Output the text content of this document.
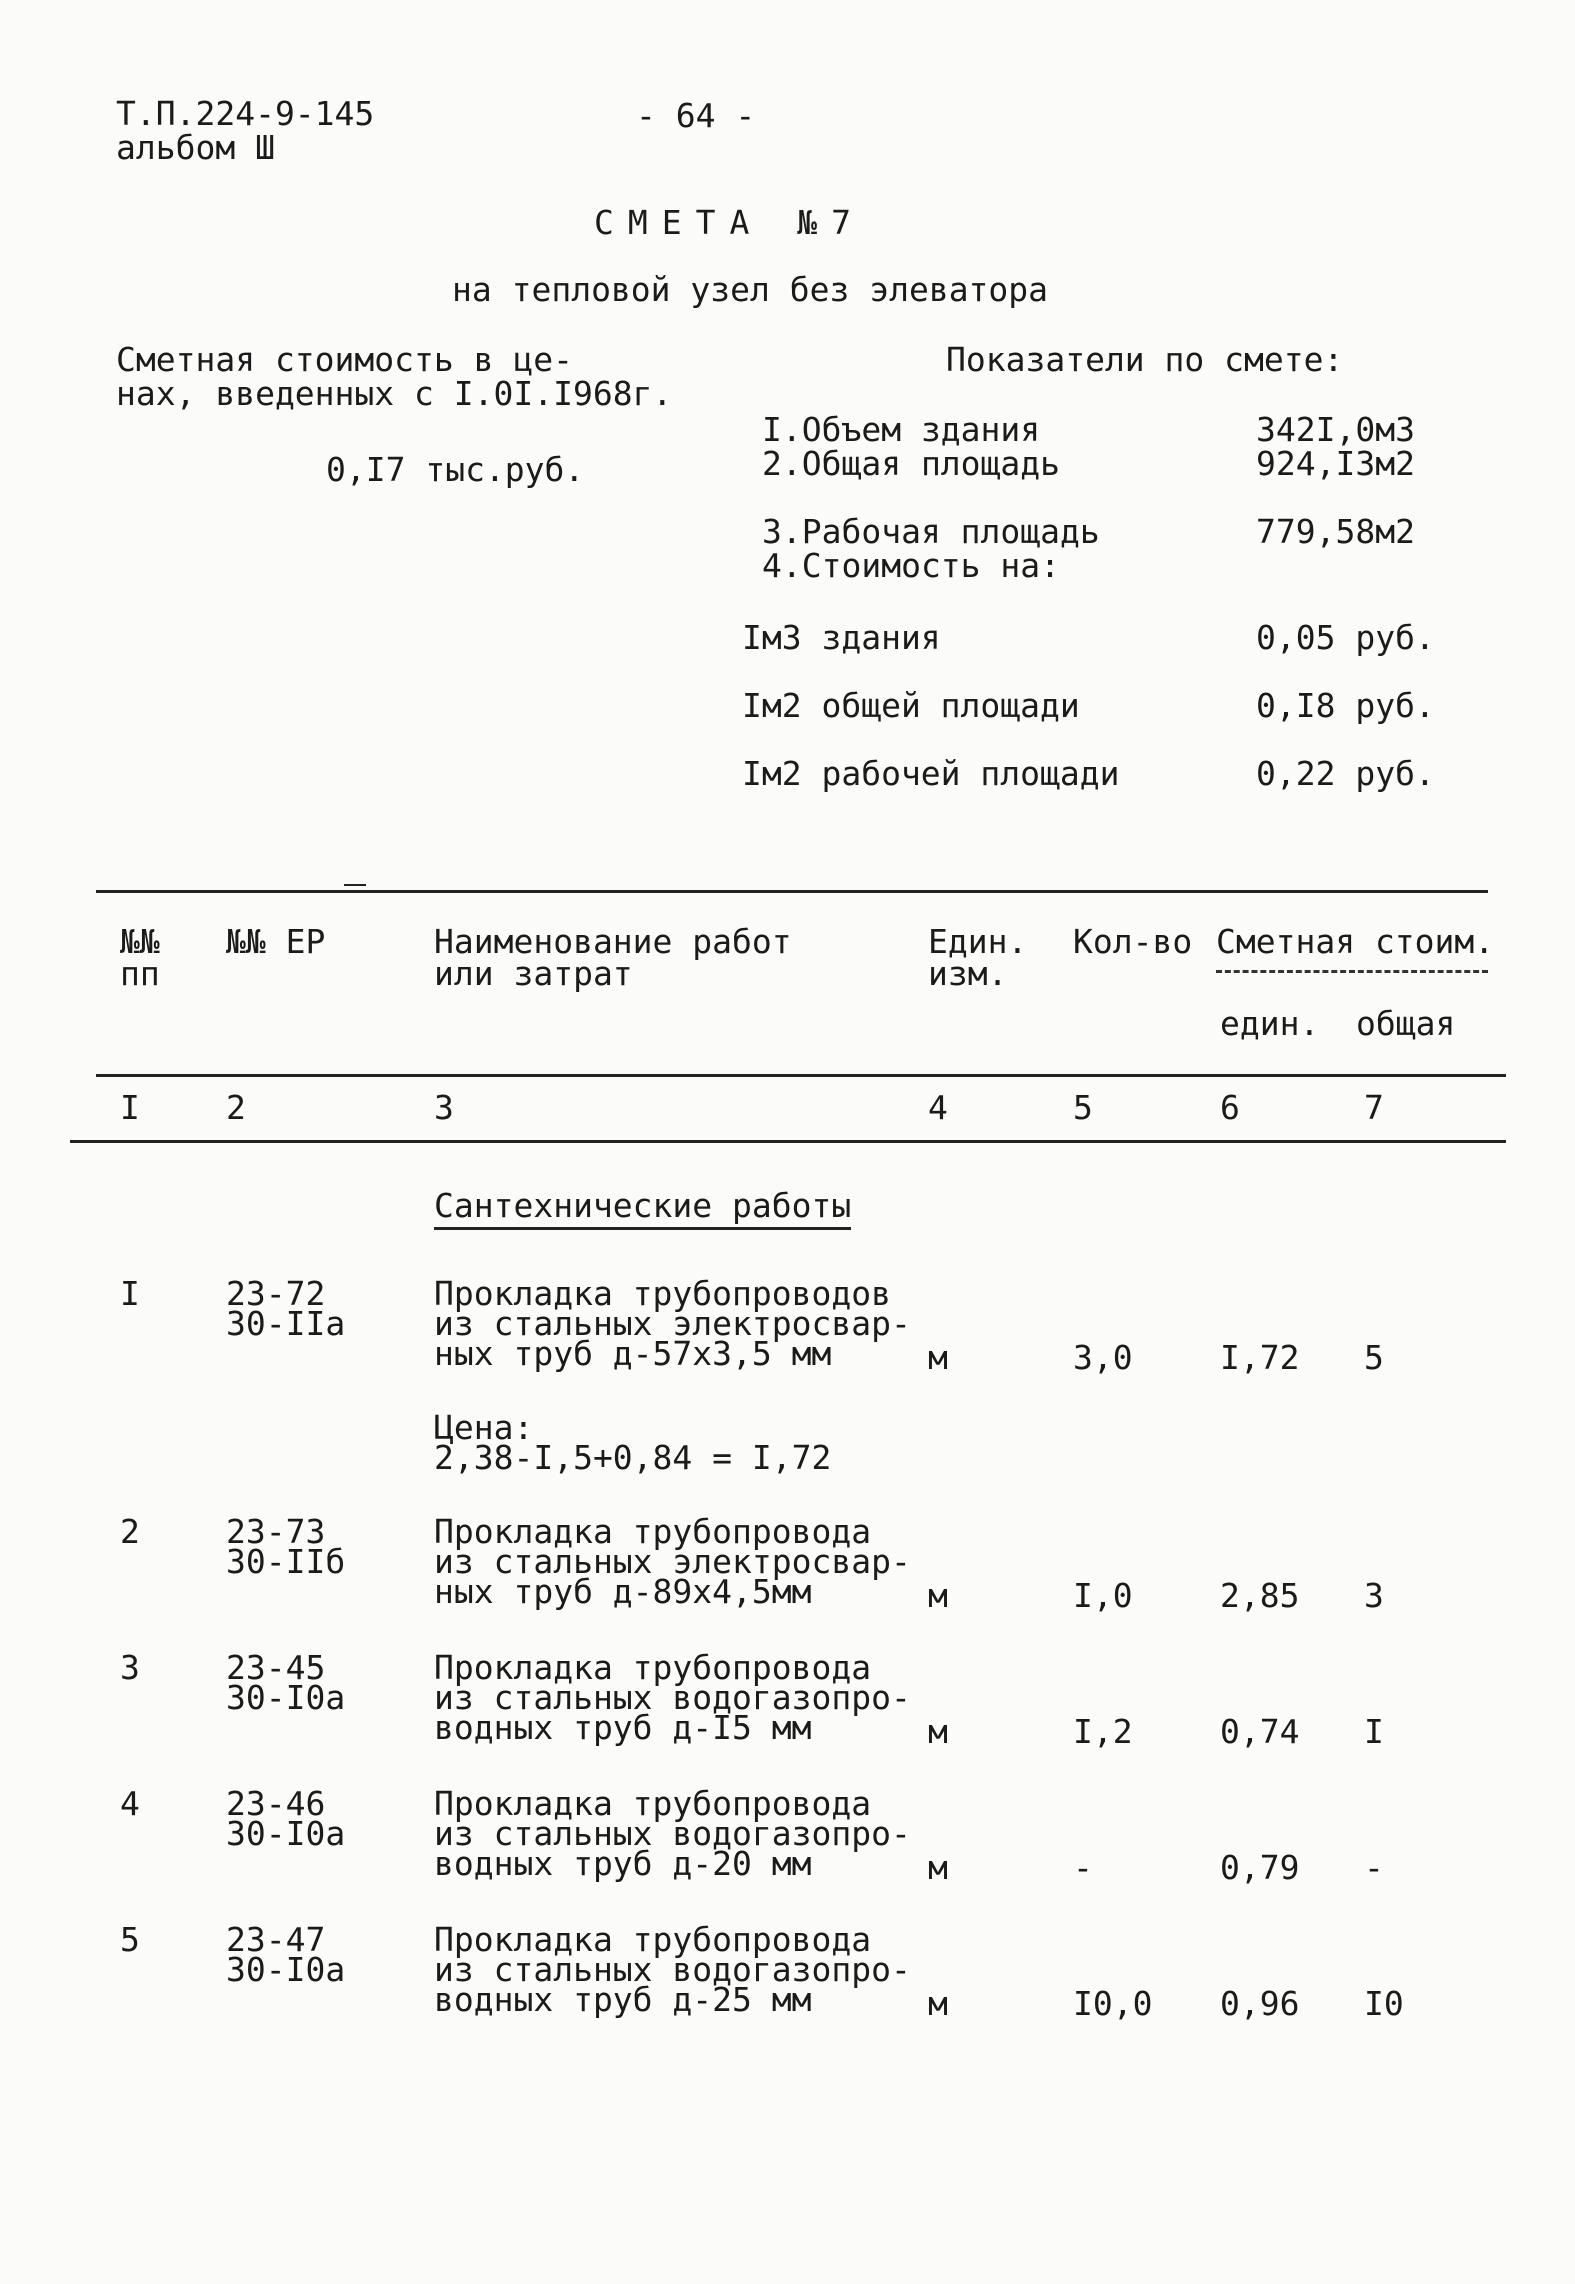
Т.П.224-9-145
альбом Ш
- 64 -
СМЕТА №7
на тепловой узел без элеватора
Сметная стоимость в це-
нах, введенных с I.0I.I968г.
0,I7 тыс.руб.
Показатели по смете:
I.Объем здания	342I,0м3
2.Общая площадь	924,I3м2
3.Рабочая площадь	779,58м2
4.Стоимость на:
Iм3 здания	0,05 руб.
Iм2 общей площади	0,I8 руб.
Iм2 рабочей площади	0,22 руб.
№№
пп
№№ ЕР	Наименование работ
или затрат
Един.
изм.
Кол-во Сметная стоим.
един. общая
I	2	3	4	5	6	7
Сантехнические работы
I	23-72
30-IIа
Прокладка трубопроводов
из стальных электросвар-
ных труб д-57х3,5 мм	м	3,0	I,72 5
Цена:
2,38-I,5+0,84 = I,72
2	23-73
30-IIб
Прокладка трубопровода
из стальных электросвар-
ных труб д-89х4,5мм	м	I,0	2,85 3
3	23-45
30-I0а
Прокладка трубопровода
из стальных водогазопро-
водных труб д-I5 мм	м	I,2	0,74 I
4	23-46
30-I0а
Прокладка трубопровода
из стальных водогазопро-
водных труб д-20 мм	м	-	0,79 -
5	23-47
30-I0а
Прокладка трубопровода
из стальных водогазопро-
водных труб д-25 мм	м	I0,0 0,96 I0
